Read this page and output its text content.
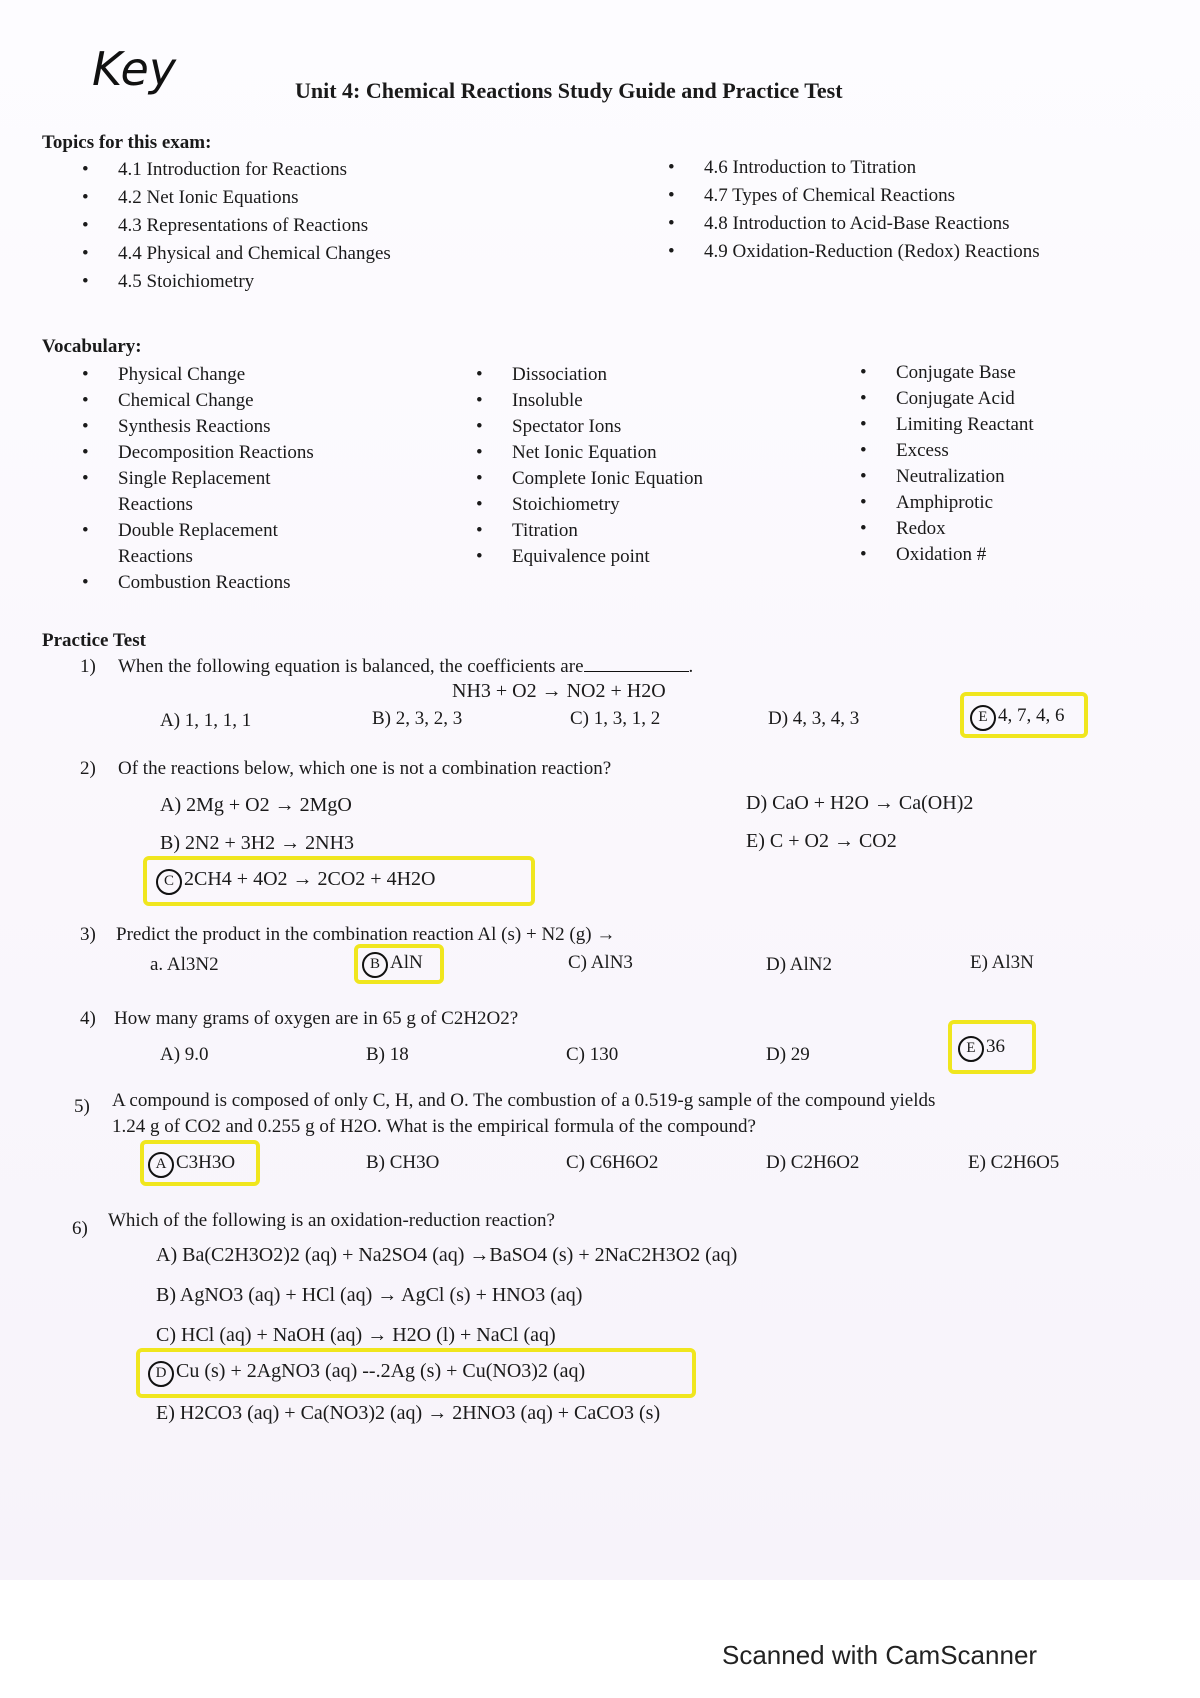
Key	Unit 4: Chemical Reactions Study Guide and Practice Test
Topics for this exam:
• 4.1 Introduction for Reactions
• 4.2 Net Ionic Equations
• 4.3 Representations of Reactions
• 4.4 Physical and Chemical Changes
• 4.5 Stoichiometry
• 4.6 Introduction to Titration
• 4.7 Types of Chemical Reactions
• 4.8 Introduction to Acid-Base Reactions
• 4.9 Oxidation-Reduction (Redox) Reactions
Vocabulary:
• Physical Change
• Chemical Change
• Synthesis Reactions
• Decomposition Reactions
• Single Replacement Reactions
• Double Replacement Reactions
• Combustion Reactions
• Dissociation
• Insoluble
• Spectator Ions
• Net Ionic Equation
• Complete Ionic Equation
• Stoichiometry
• Titration
• Equivalence point
• Conjugate Base
• Conjugate Acid
• Limiting Reactant
• Excess
• Neutralization
• Amphiprotic
• Redox
• Oxidation #
Practice Test
1) When the following equation is balanced, the coefficients are	.
NH3 + O2 → NO2 + H2O
A) 1, 1, 1, 1	B) 2, 3, 2, 3	C) 1, 3, 1, 2	D) 4, 3, 4, 3	E 4, 7, 4, 6
2) Of the reactions below, which one is not a combination reaction?
A) 2Mg + O2 → 2MgO	D) CaO + H2O → Ca(OH)2
B) 2N2 + 3H2 → 2NH3	E) C + O2 → CO2
C 2CH4 + 4O2 → 2CO2 + 4H2O
3) Predict the product in the combination reaction Al (s) + N2 (g) →
a. Al3N2	B AlN	C) AlN3	D) AlN2	E) Al3N
4) How many grams of oxygen are in 65 g of C2H2O2?
A) 9.0	B) 18	C) 130	D) 29	E 36
5) A compound is composed of only C, H, and O. The combustion of a 0.519-g sample of the compound yields
1.24 g of CO2 and 0.255 g of H2O. What is the empirical formula of the compound?
A C3H3O	B) CH3O	C) C6H6O2	D) C2H6O2	E) C2H6O5
6) Which of the following is an oxidation-reduction reaction?
A) Ba(C2H3O2)2 (aq) + Na2SO4 (aq) →BaSO4 (s) + 2NaC2H3O2 (aq)
B) AgNO3 (aq) + HCl (aq) → AgCl (s) + HNO3 (aq)
C) HCl (aq) + NaOH (aq) → H2O (l) + NaCl (aq)
D Cu (s) + 2AgNO3 (aq) --.2Ag (s) + Cu(NO3)2 (aq)
E) H2CO3 (aq) + Ca(NO3)2 (aq) → 2HNO3 (aq) + CaCO3 (s)
Scanned with CamScanner
